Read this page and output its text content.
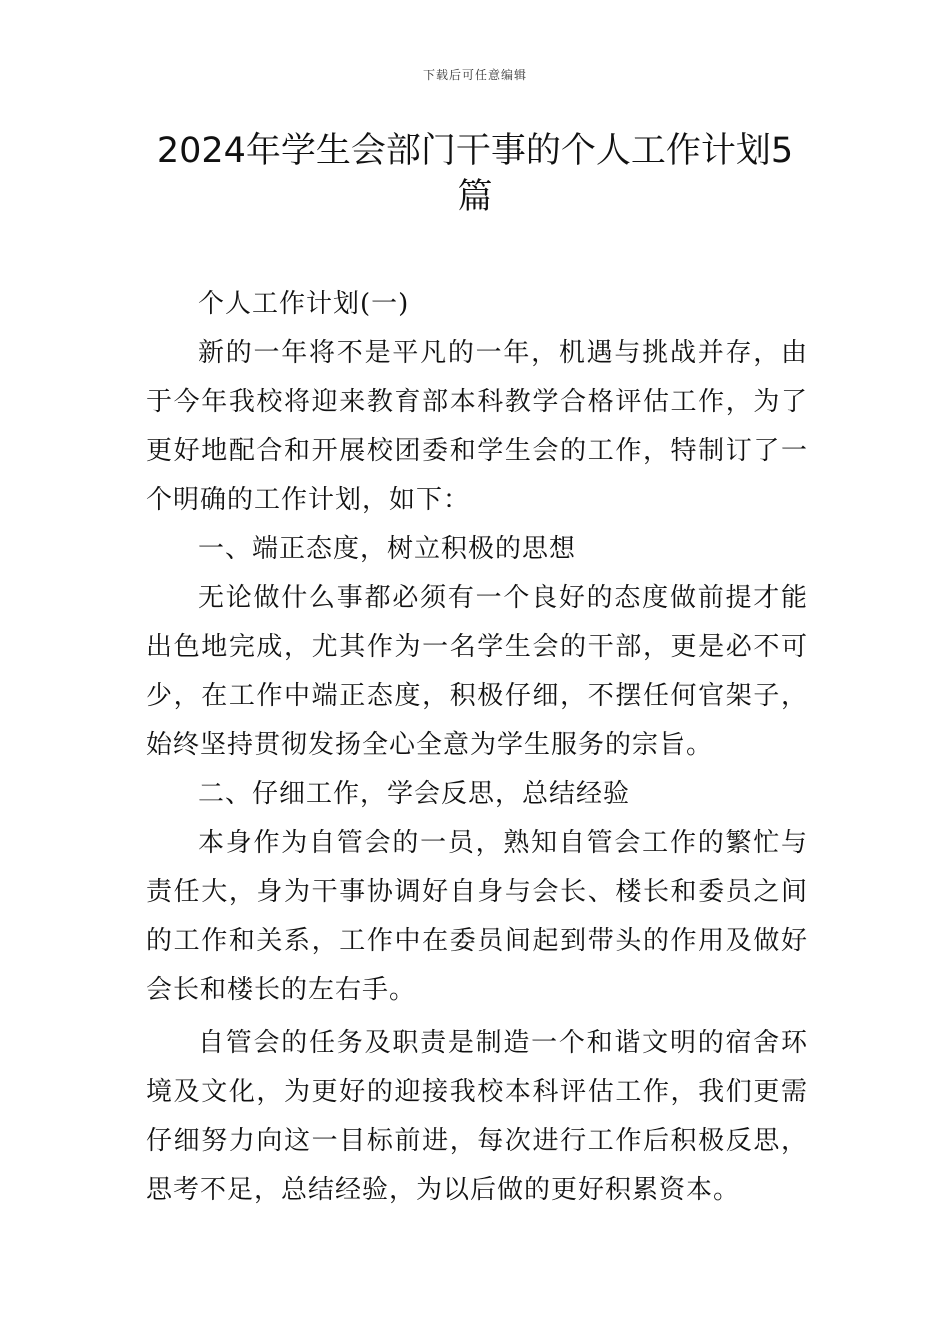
下载后可任意编辑
2024年学生会部门干事的个人工作计划5篇

个人工作计划(一)

新的一年将不是平凡的一年，机遇与挑战并存，由于今年我校将迎来教育部本科教学合格评估工作，为了更好地配合和开展校团委和学生会的工作，特制订了一个明确的工作计划，如下：

一、端正态度，树立积极的思想

无论做什么事都必须有一个良好的态度做前提才能出色地完成，尤其作为一名学生会的干部，更是必不可少，在工作中端正态度，积极仔细，不摆任何官架子，始终坚持贯彻发扬全心全意为学生服务的宗旨。

二、仔细工作，学会反思，总结经验

本身作为自管会的一员，熟知自管会工作的繁忙与责任大，身为干事协调好自身与会长、楼长和委员之间的工作和关系，工作中在委员间起到带头的作用及做好会长和楼长的左右手。

自管会的任务及职责是制造一个和谐文明的宿舍环境及文化，为更好的迎接我校本科评估工作，我们更需仔细努力向这一目标前进，每次进行工作后积极反思，思考不足，总结经验，为以后做的更好积累资本。
